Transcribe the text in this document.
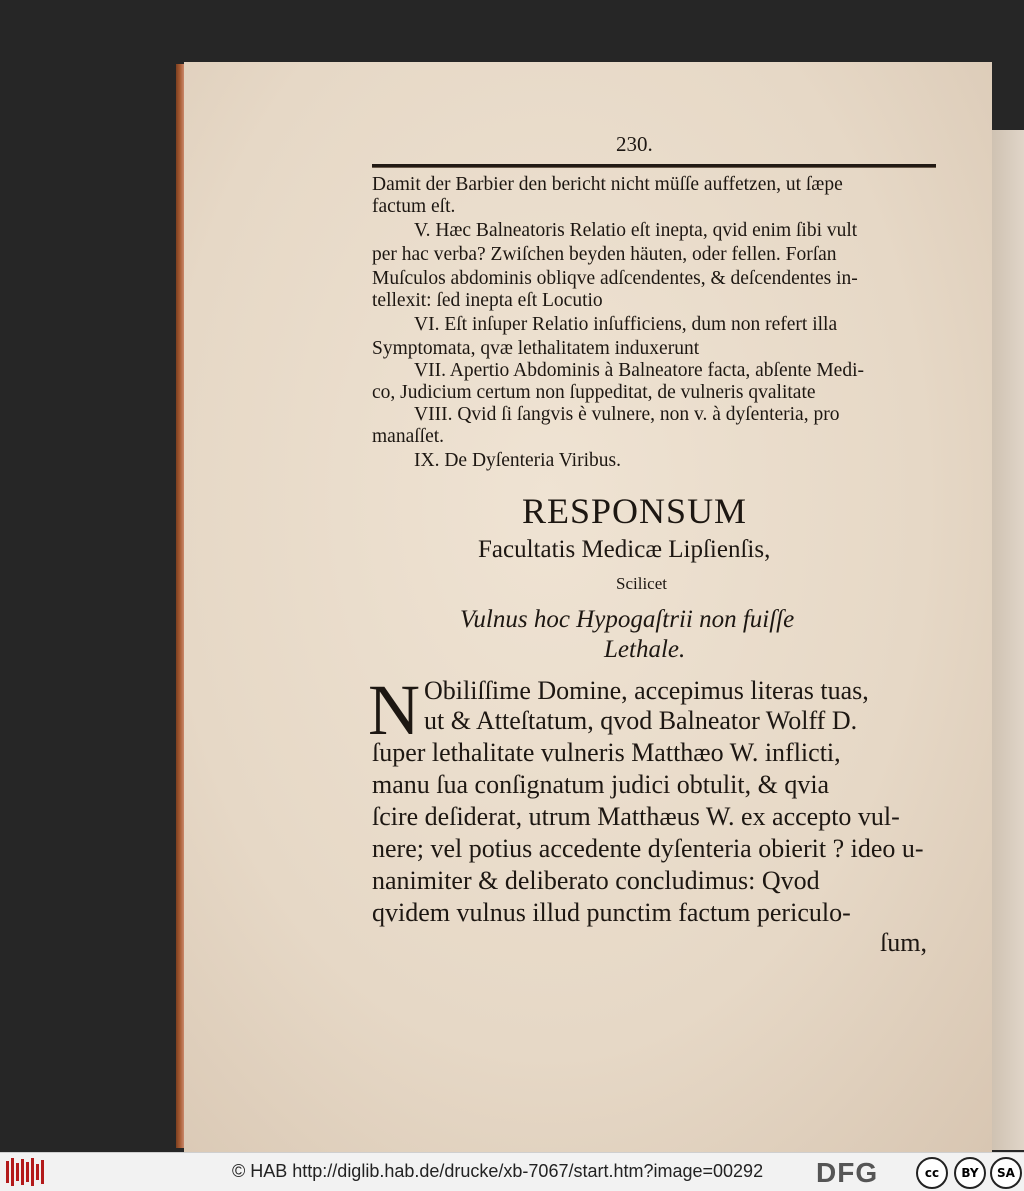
230.
Damit der Barbier den bericht nicht müſſe auffetzen, ut ſæpe
factum eſt.
V. Hæc Balneatoris Relatio eſt inepta, qvid enim ſibi vult
per hac verba? Zwiſchen beyden häuten, oder fellen. Forſan
Muſculos abdominis obliqve adſcendentes, & deſcendentes in-
tellexit: ſed inepta eſt Locutio
VI. Eſt inſuper Relatio inſufficiens, dum non refert illa
Symptomata, qvæ lethalitatem induxerunt
VII. Apertio Abdominis à Balneatore facta, abſente Medi-
co, Judicium certum non ſuppeditat, de vulneris qvalitate
VIII. Qvid ſi ſangvis è vulnere, non v. à dyſenteria, pro
manaſſet.
IX. De Dyſenteria Viribus.
RESPONSUM
Facultatis Medicæ Lipſienſis,
Scilicet
Vulnus hoc Hypogaſtrii non fuiſſe
Lethale.
N Obiliſſime Domine, accepimus literas tuas,
ut & Atteſtatum, qvod Balneator Wolff D.
ſuper lethalitate vulneris Matthæo W. inflicti,
manu ſua conſignatum judici obtulit, & qvia
ſcire deſiderat, utrum Matthæus W. ex accepto vul-
nere; vel potius accedente dyſenteria obierit ? ideo u-
nanimiter & deliberato concludimus: Qvod
qvidem vulnus illud punctim factum periculo-
ſum,
© HAB http://diglib.hab.de/drucke/xb-7067/start.htm?image=00292 DFG	cc	BY	SA
